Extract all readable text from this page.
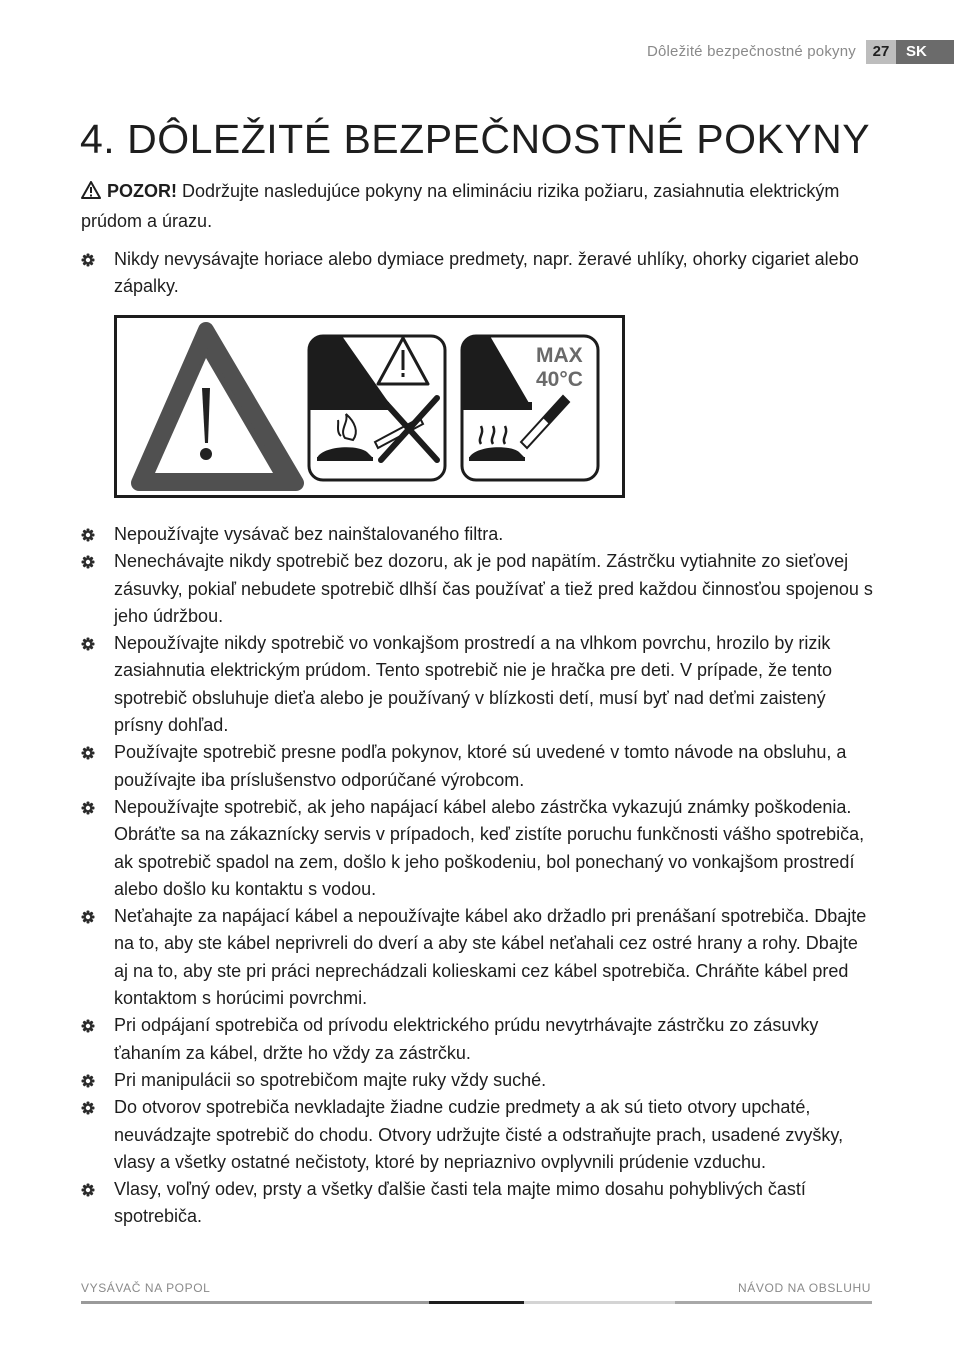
Dôležité bezpečnostné pokyny	27	SK
4. DÔLEŽITÉ BEZPEČNOSTNÉ POKYNY

POZOR! Dodržujte nasledujúce pokyny na elimináciu rizika požiaru, zasiahnutia elektrickým prúdom a úrazu.

Nikdy nevysávajte horiace alebo dymiace predmety, napr. žeravé uhlíky, ohorky cigariet alebo zápalky.
MAX
40°C
Nepoužívajte vysávač bez nainštalovaného filtra.
Nenechávajte nikdy spotrebič bez dozoru, ak je pod napätím. Zástrčku vytiahnite zo sieťovej zásuvky, pokiaľ nebudete spotrebič dlhší čas používať a tiež pred každou činnosťou spojenou s jeho údržbou.
Nepoužívajte nikdy spotrebič vo vonkajšom prostredí a na vlhkom povrchu, hrozilo by rizik zasiahnutia elektrickým prúdom. Tento spotrebič nie je hračka pre deti. V prípade, že tento spotrebič obsluhuje dieťa alebo je používaný v blízkosti detí, musí byť nad deťmi zaistený prísny dohľad.
Používajte spotrebič presne podľa pokynov, ktoré sú uvedené v tomto návode na obsluhu, a používajte iba príslušenstvo odporúčané výrobcom.
Nepoužívajte spotrebič, ak jeho napájací kábel alebo zástrčka vykazujú známky poškodenia. Obráťte sa na zákaznícky servis v prípadoch, keď zistíte poruchu funkčnosti vášho spotrebiča, ak spotrebič spadol na zem, došlo k jeho poškodeniu, bol ponechaný vo vonkajšom prostredí alebo došlo ku kontaktu s vodou.
Neťahajte za napájací kábel a nepoužívajte kábel ako držadlo pri prenášaní spotrebiča. Dbajte na to, aby ste kábel neprivreli do dverí a aby ste kábel neťahali cez ostré hrany a rohy. Dbajte aj na to, aby ste pri práci neprechádzali kolieskami cez kábel spotrebiča. Chráňte kábel pred kontaktom s horúcimi povrchmi.
Pri odpájaní spotrebiča od prívodu elektrického prúdu nevytrhávajte zástrčku zo zásuvky ťahaním za kábel, držte ho vždy za zástrčku.
Pri manipulácii so spotrebičom majte ruky vždy suché.
Do otvorov spotrebiča nevkladajte žiadne cudzie predmety a ak sú tieto otvory upchaté, neuvádzajte spotrebič do chodu. Otvory udržujte čisté a odstraňujte prach, usadené zvyšky, vlasy a všetky ostatné nečistoty, ktoré by nepriaznivo ovplyvnili prúdenie vzduchu.
Vlasy, voľný odev, prsty a všetky ďalšie časti tela majte mimo dosahu pohyblivých častí spotrebiča.
VYSÁVAČ NA POPOL	NÁVOD NA OBSLUHU
